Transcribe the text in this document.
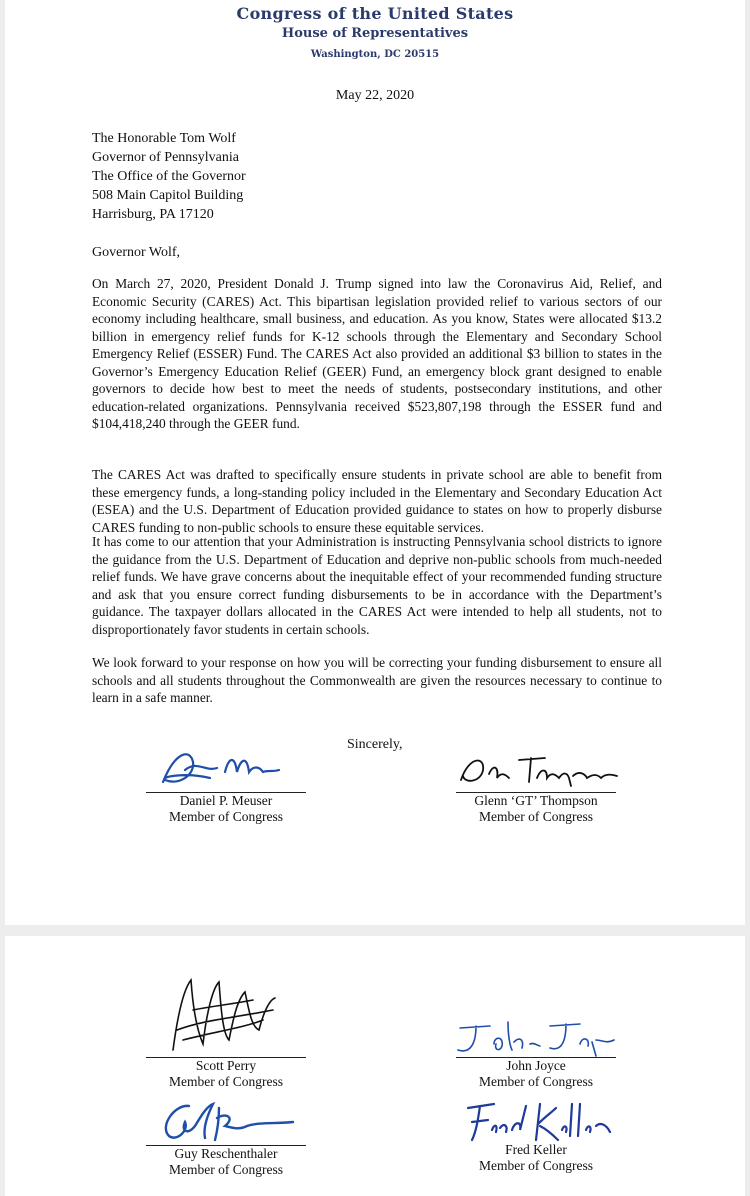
Congress of the United States
House of Representatives
Washington, DC 20515
May 22, 2020
The Honorable Tom Wolf
Governor of Pennsylvania
The Office of the Governor
508 Main Capitol Building
Harrisburg, PA 17120
Governor Wolf,

On March 27, 2020, President Donald J. Trump signed into law the Coronavirus Aid, Relief, and Economic Security (CARES) Act. This bipartisan legislation provided relief to various sectors of our economy including healthcare, small business, and education. As you know, States were allocated $13.2 billion in emergency relief funds for K-12 schools through the Elementary and Secondary School Emergency Relief (ESSER) Fund. The CARES Act also provided an additional $3 billion to states in the Governor’s Emergency Education Relief (GEER) Fund, an emergency block grant designed to enable governors to decide how best to meet the needs of students, postsecondary institutions, and other education-related organizations. Pennsylvania received $523,807,198 through the ESSER fund and $104,418,240 through the GEER fund.

The CARES Act was drafted to specifically ensure students in private school are able to benefit from these emergency funds, a long-standing policy included in the Elementary and Secondary Education Act (ESEA) and the U.S. Department of Education provided guidance to states on how to properly disburse CARES funding to non-public schools to ensure these equitable services.

It has come to our attention that your Administration is instructing Pennsylvania school districts to ignore the guidance from the U.S. Department of Education and deprive non-public schools from much-needed relief funds. We have grave concerns about the inequitable effect of your recommended funding structure and ask that you ensure correct funding disbursements to be in accordance with the Department’s guidance. The taxpayer dollars allocated in the CARES Act were intended to help all students, not to disproportionately favor students in certain schools.

We look forward to your response on how you will be correcting your funding disbursement to ensure all schools and all students throughout the Commonwealth are given the resources necessary to continue to learn in a safe manner.

Sincerely,
Daniel P. Meuser
Member of Congress
Glenn ‘GT’ Thompson
Member of Congress
Scott Perry
Member of Congress
John Joyce
Member of Congress
Guy Reschenthaler
Member of Congress
Fred Keller
Member of Congress
